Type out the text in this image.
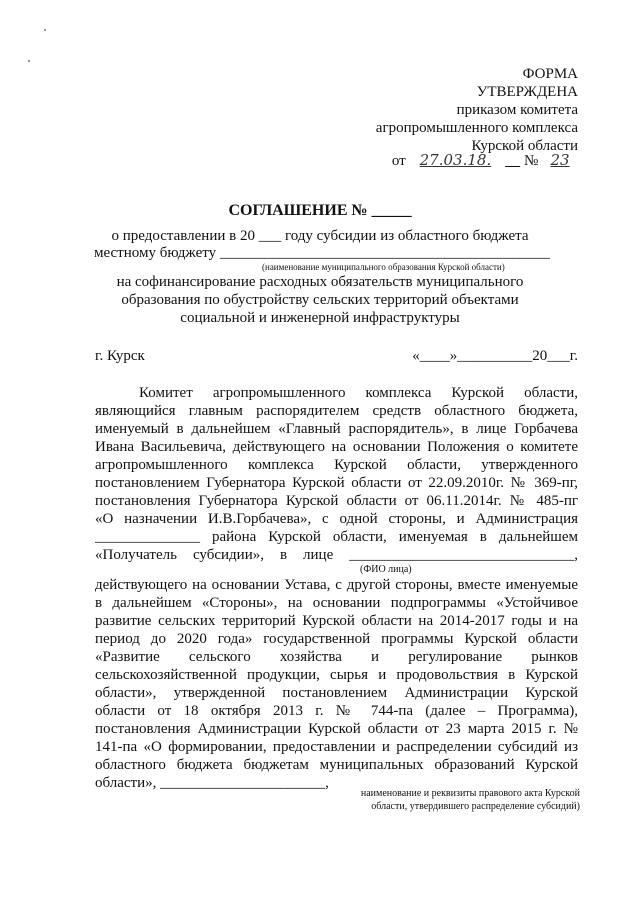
ФОРМА
УТВЕРЖДЕНА
приказом комитета
агропромышленного комплекса
Курской области
от 27.03.18. № 23
СОГЛАШЕНИЕ № _____
о предоставлении в 20 ___ году субсидии из областного бюджета
местному бюджету ____________________________________________
(наименование муниципального образования Курской области)
на софинансирование расходных обязательств муниципального
образования по обустройству сельских территорий объектами
социальной и инженерной инфраструктуры
г. Курск	«____»__________20___г.
Комитет агропромышленного комплекса Курской области,
являющийся главным распорядителем средств областного бюджета,
именуемый в дальнейшем «Главный распорядитель», в лице Горбачева
Ивана Васильевича, действующего на основании Положения о комитете
агропромышленного комплекса Курской области, утвержденного
постановлением Губернатора Курской области от 22.09.2010г. № 369-пг,
постановления Губернатора Курской области от 06.11.2014г. № 485-пг
«О назначении И.В.Горбачева», с одной стороны, и Администрация
______________ района Курской области, именуемая в дальнейшем
«Получатель субсидии», в лице ______________________________,
(ФИО лица)
действующего на основании Устава, с другой стороны, вместе именуемые
в дальнейшем «Стороны», на основании подпрограммы «Устойчивое
развитие сельских территорий Курской области на 2014-2017 годы и на
период до 2020 года» государственной программы Курской области
«Развитие сельского хозяйства и регулирование рынков
сельскохозяйственной продукции, сырья и продовольствия в Курской
области», утвержденной постановлением Администрации Курской
области от 18 октября 2013 г. № 744-па (далее – Программа),
постановления Администрации Курской области от 23 марта 2015 г. №
141-па «О формировании, предоставлении и распределении субсидий из
областного бюджета бюджетам муниципальных образований Курской
области», ______________________,
наименование и реквизиты правового акта Курской
области, утвердившего распределение субсидий)
